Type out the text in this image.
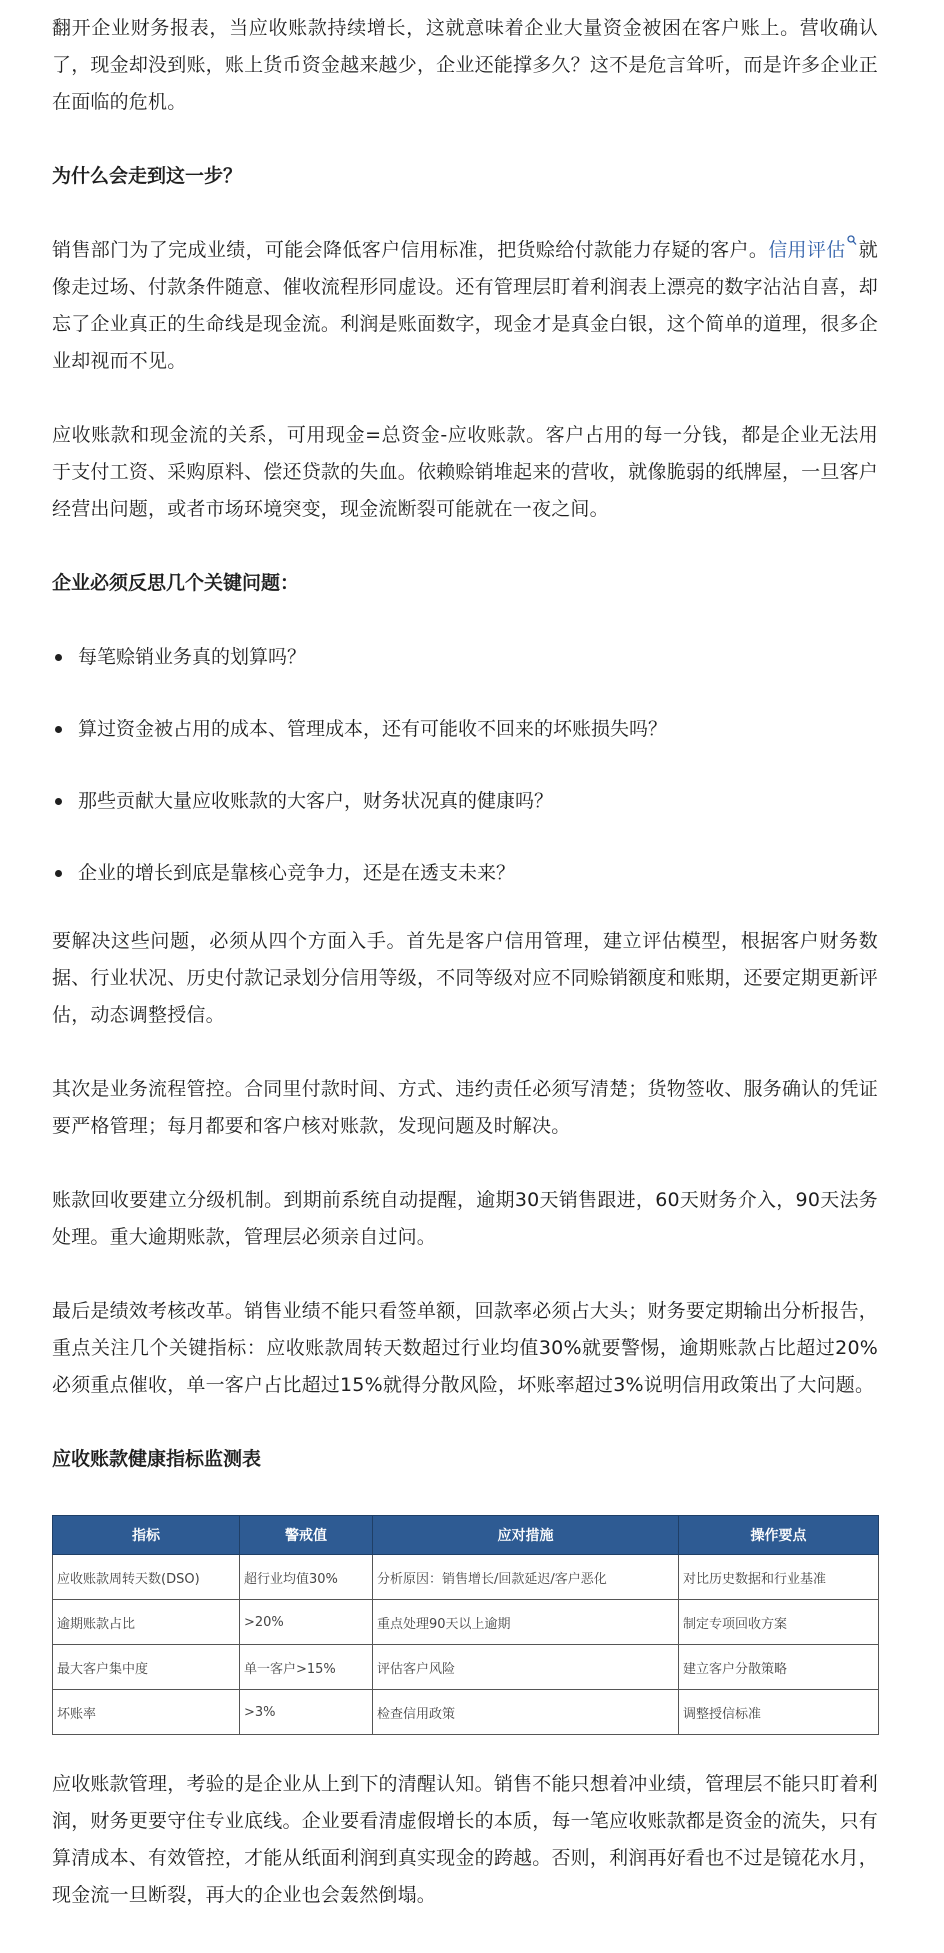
翻开企业财务报表，当应收账款持续增长，这就意味着企业大量资金被困在客户账上。营收确认了，现金却没到账，账上货币资金越来越少，企业还能撑多久？这不是危言耸听，而是许多企业正在面临的危机。

为什么会走到这一步？

销售部门为了完成业绩，可能会降低客户信用标准，把货赊给付款能力存疑的客户。信用评估 就像走过场、付款条件随意、催收流程形同虚设。还有管理层盯着利润表上漂亮的数字沾沾自喜，却忘了企业真正的生命线是现金流。利润是账面数字，现金才是真金白银，这个简单的道理，很多企业却视而不见。

应收账款和现金流的关系，可用现金=总资金-应收账款。客户占用的每一分钱，都是企业无法用于支付工资、采购原料、偿还贷款的失血。依赖赊销堆起来的营收，就像脆弱的纸牌屋，一旦客户经营出问题，或者市场环境突变，现金流断裂可能就在一夜之间。

企业必须反思几个关键问题：
每笔赊销业务真的划算吗？
算过资金被占用的成本、管理成本，还有可能收不回来的坏账损失吗？
那些贡献大量应收账款的大客户，财务状况真的健康吗？
企业的增长到底是靠核心竞争力，还是在透支未来？

要解决这些问题，必须从四个方面入手。首先是客户信用管理，建立评估模型，根据客户财务数据、行业状况、历史付款记录划分信用等级，不同等级对应不同赊销额度和账期，还要定期更新评估，动态调整授信。

其次是业务流程管控。合同里付款时间、方式、违约责任必须写清楚；货物签收、服务确认的凭证要严格管理；每月都要和客户核对账款，发现问题及时解决。

账款回收要建立分级机制。到期前系统自动提醒，逾期30天销售跟进，60天财务介入，90天法务处理。重大逾期账款，管理层必须亲自过问。

最后是绩效考核改革。销售业绩不能只看签单额，回款率必须占大头；财务要定期输出分析报告，重点关注几个关键指标：应收账款周转天数超过行业均值30%就要警惕，逾期账款占比超过20%必须重点催收，单一客户占比超过15%就得分散风险，坏账率超过3%说明信用政策出了大问题。

应收账款健康指标监测表
指标	警戒值	应对措施	操作要点
应收账款周转天数(DSO)	超行业均值30%	分析原因：销售增长/回款延迟/客户恶化	对比历史数据和行业基准
逾期账款占比	>20%	重点处理90天以上逾期	制定专项回收方案
最大客户集中度	单一客户>15%	评估客户风险	建立客户分散策略
坏账率	>3%	检查信用政策	调整授信标准

应收账款管理，考验的是企业从上到下的清醒认知。销售不能只想着冲业绩，管理层不能只盯着利润，财务更要守住专业底线。企业要看清虚假增长的本质，每一笔应收账款都是资金的流失，只有算清成本、有效管控，才能从纸面利润到真实现金的跨越。否则，利润再好看也不过是镜花水月，现金流一旦断裂，再大的企业也会轰然倒塌。
